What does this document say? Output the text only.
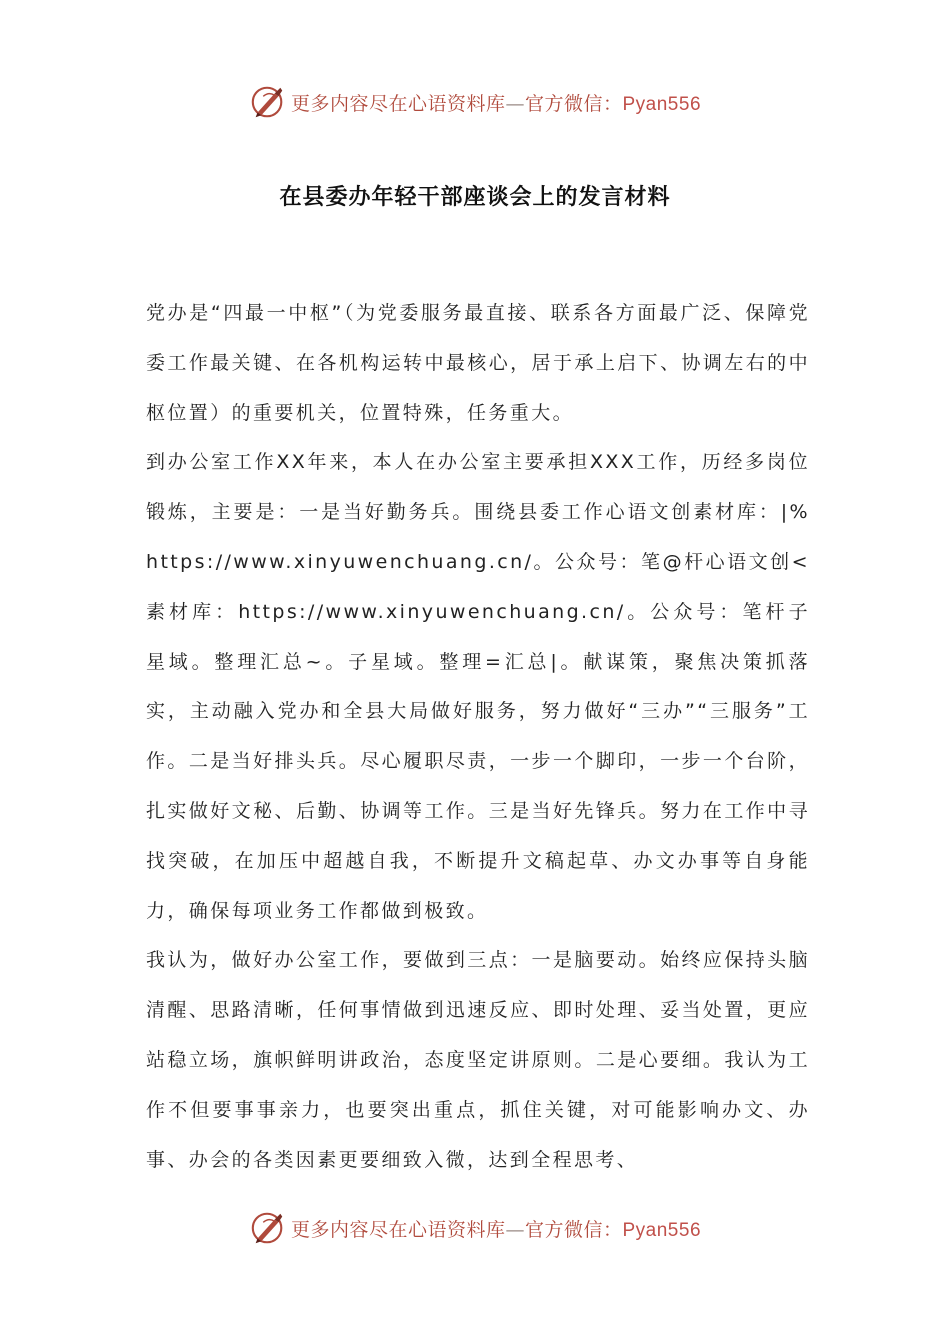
更多内容尽在心语资料库—官方微信：Pyan556
在县委办年轻干部座谈会上的发言材料

党办是“四最一中枢”（为党委服务最直接、联系各方面最广泛、保障党委工作最关键、在各机构运转中最核心，居于承上启下、协调左右的中枢位置）的重要机关，位置特殊，任务重大。

到办公室工作XX年来，本人在办公室主要承担XXX工作，历经多岗位锻炼，主要是：一是当好勤务兵。围绕县委工作心语文创素材库：|%https://www.xinyuwenchuang.cn/。公众号：笔@杆心语文创<素材库：https://www.xinyuwenchuang.cn/。公众号：笔杆子星域。整理汇总~。子星域。整理=汇总|。献谋策，聚焦决策抓落实，主动融入党办和全县大局做好服务，努力做好“三办”“三服务”工作。二是当好排头兵。尽心履职尽责，一步一个脚印，一步一个台阶，扎实做好文秘、后勤、协调等工作。三是当好先锋兵。努力在工作中寻找突破，在加压中超越自我，不断提升文稿起草、办文办事等自身能力，确保每项业务工作都做到极致。

我认为，做好办公室工作，要做到三点：一是脑要动。始终应保持头脑清醒、思路清晰，任何事情做到迅速反应、即时处理、妥当处置，更应站稳立场，旗帜鲜明讲政治，态度坚定讲原则。二是心要细。我认为工作不但要事事亲力，也要突出重点，抓住关键，对可能影响办文、办事、办会的各类因素更要细致入微，达到全程思考、

更多内容尽在心语资料库—官方微信：Pyan556
